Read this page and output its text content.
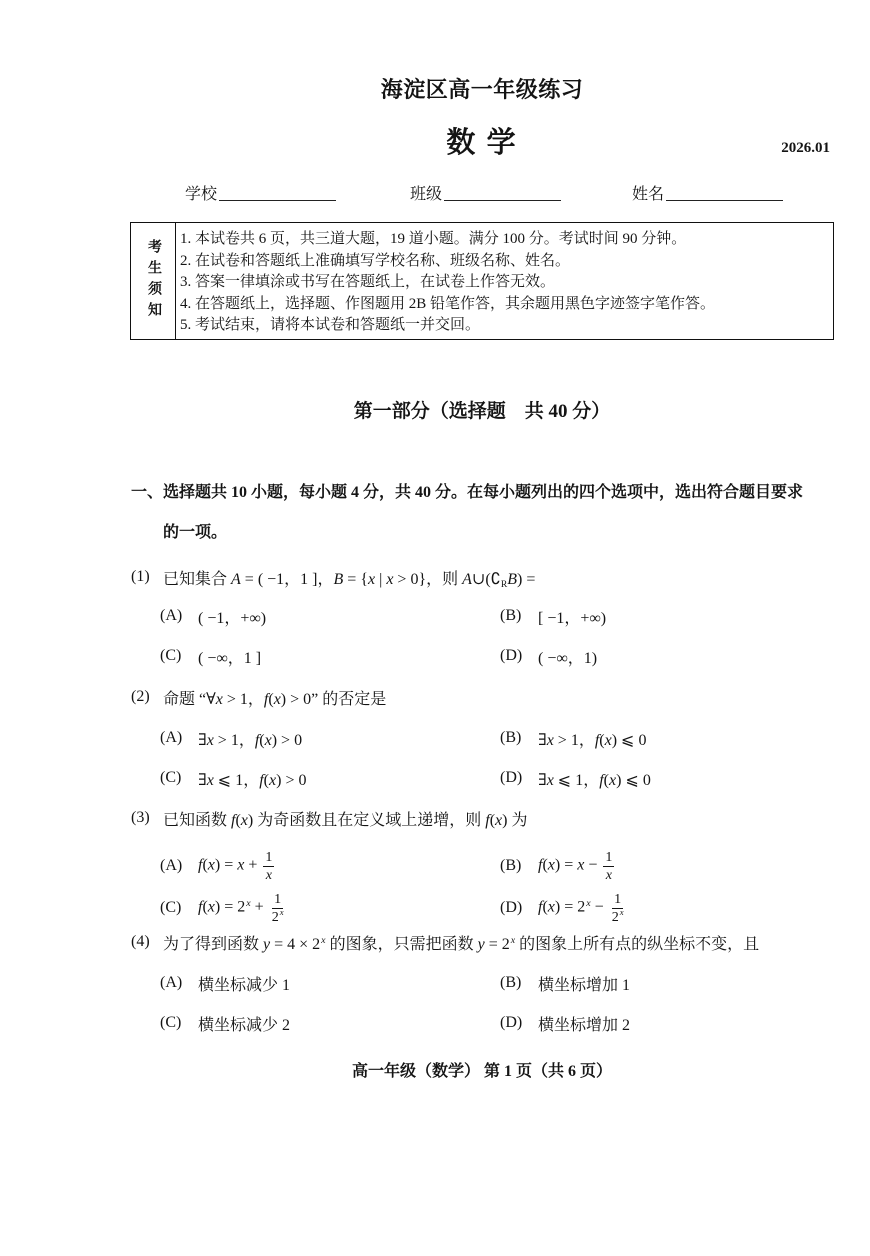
海淀区高一年级练习
数 学	2026.01
学校	班级	姓名
考生须知 1. 本试卷共 6 页，共三道大题，19 道小题。满分 100 分。考试时间 90 分钟。
2. 在试卷和答题纸上准确填写学校名称、班级名称、姓名。
3. 答案一律填涂或书写在答题纸上，在试卷上作答无效。
4. 在答题纸上，选择题、作图题用 2B 铅笔作答，其余题用黑色字迹签字笔作答。
5. 考试结束，请将本试卷和答题纸一并交回。
第一部分（选择题　共 40 分）
一、选择题共 10 小题，每小题 4 分，共 40 分。在每小题列出的四个选项中，选出符合题目要求
的一项。
(1) 已知集合 A = ( −1，1 ]，B = {x | x > 0}，则 $A\cup(∁_RB)$ =
(A) ( −1，+∞)	(B)	[ −1，+∞)
(C)	( −∞，1 ]	(D) ( −∞，1)
(2) 命题 “∀x > 1，f(x) > 0” 的否定是
(A) ∃x > 1，f(x) > 0	(B)	∃x > 1，f(x) ⩽ 0
(C)	∃x ⩽ 1，f(x) > 0	(D) ∃x ⩽ 1，f(x) ⩽ 0
(3) 已知函数 f(x) 为奇函数且在定义域上递增，则 f(x) 为
(A) $f(x) = x + \frac{1}{x}$	(B)	$f(x) = x - \frac{1}{x}$
(C)	$f(x) = 2^x + \frac{1}{2^x}$	(D) $f(x) = 2^x - \frac{1}{2^x}$
(4) 为了得到函数 $y = 4 \times 2^x$ 的图象，只需把函数 $y = 2^x$ 的图象上所有点的纵坐标不变，且
(A) 横坐标减少 1	(B)	横坐标增加 1
(C)	横坐标减少 2	(D) 横坐标增加 2
高一年级（数学） 第 1 页（共 6 页）
